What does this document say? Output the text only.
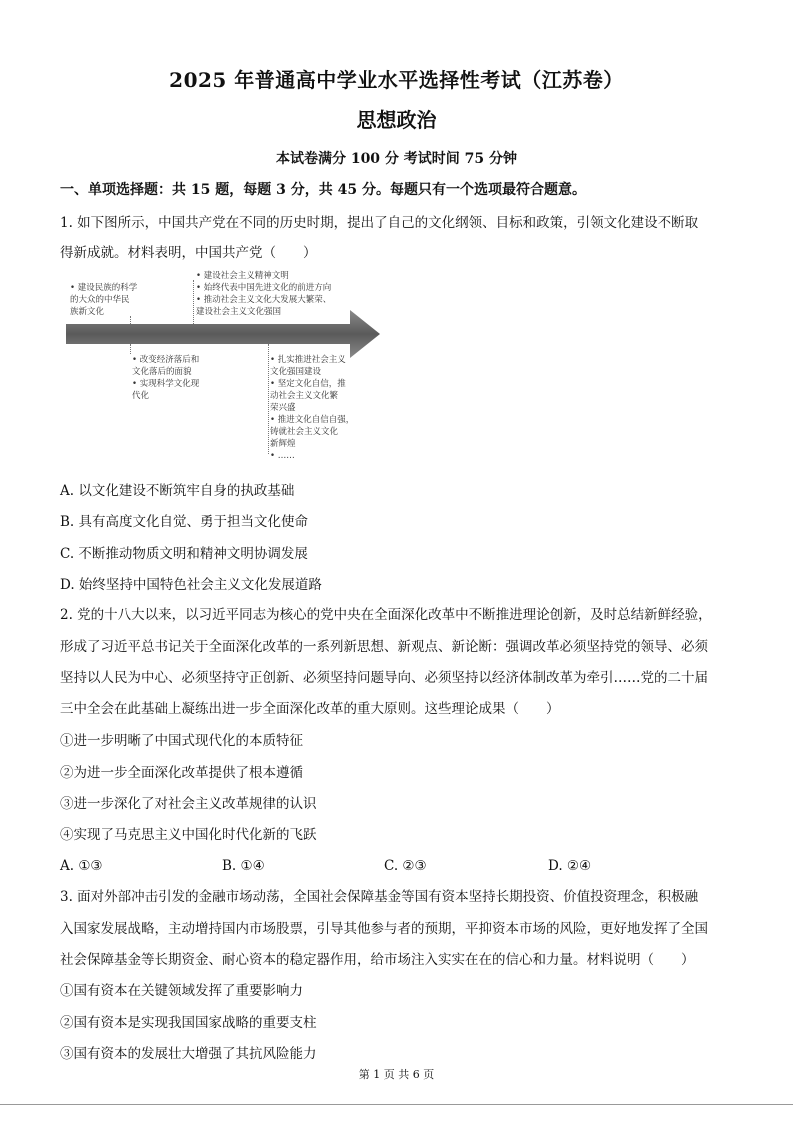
2025 年普通高中学业水平选择性考试（江苏卷）
思想政治
本试卷满分 100 分 考试时间 75 分钟
一、单项选择题：共 15 题，每题 3 分，共 45 分。每题只有一个选项最符合题意。
1. 如下图所示，中国共产党在不同的历史时期，提出了自己的文化纲领、目标和政策，引领文化建设不断取
得新成就。材料表明，中国共产党（　　）
• 建设民族的科学
的大众的中华民
族新文化
• 建设社会主义精神文明
• 始终代表中国先进文化的前进方向
• 推动社会主义文化大发展大繁荣、
建设社会主义文化强国
• 改变经济落后和
文化落后的面貌
• 实现科学文化现
代化
• 扎实推进社会主义
文化强国建设
• 坚定文化自信，推
动社会主义文化繁
荣兴盛
• 推进文化自信自强，
铸就社会主义文化
新辉煌
• ……
A. 以文化建设不断筑牢自身的执政基础
B. 具有高度文化自觉、勇于担当文化使命
C. 不断推动物质文明和精神文明协调发展
D. 始终坚持中国特色社会主义文化发展道路
2. 党的十八大以来，以习近平同志为核心的党中央在全面深化改革中不断推进理论创新，及时总结新鲜经验，
形成了习近平总书记关于全面深化改革的一系列新思想、新观点、新论断：强调改革必须坚持党的领导、必须
坚持以人民为中心、必须坚持守正创新、必须坚持问题导向、必须坚持以经济体制改革为牵引……党的二十届
三中全会在此基础上凝练出进一步全面深化改革的重大原则。这些理论成果（　　）
①进一步明晰了中国式现代化的本质特征
②为进一步全面深化改革提供了根本遵循
③进一步深化了对社会主义改革规律的认识
④实现了马克思主义中国化时代化新的飞跃
A. ①③	B. ①④	C. ②③	D. ②④
3. 面对外部冲击引发的金融市场动荡，全国社会保障基金等国有资本坚持长期投资、价值投资理念，积极融
入国家发展战略，主动增持国内市场股票，引导其他参与者的预期，平抑资本市场的风险，更好地发挥了全国
社会保障基金等长期资金、耐心资本的稳定器作用，给市场注入实实在在的信心和力量。材料说明（　　）
①国有资本在关键领域发挥了重要影响力
②国有资本是实现我国国家战略的重要支柱
③国有资本的发展壮大增强了其抗风险能力
第 1 页 共 6 页
